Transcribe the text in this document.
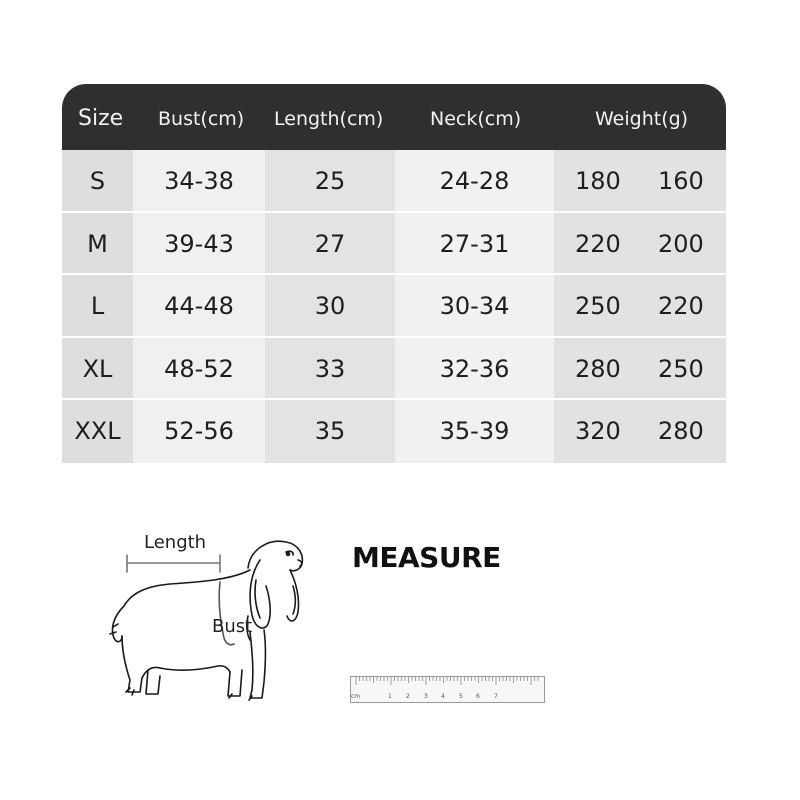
Size Bust(cm) Length(cm) Neck(cm)	Weight(g)
S	34-38	25	24-28	180 160
M	39-43	27	27-31	220 200
L	44-48	30	30-34	250 220
XL	48-52	33	32-36	280 250
XXL	52-56	35	35-39	320 280
Length
Bust
MEASURE
cm	1 2 3 4 5 6 7
